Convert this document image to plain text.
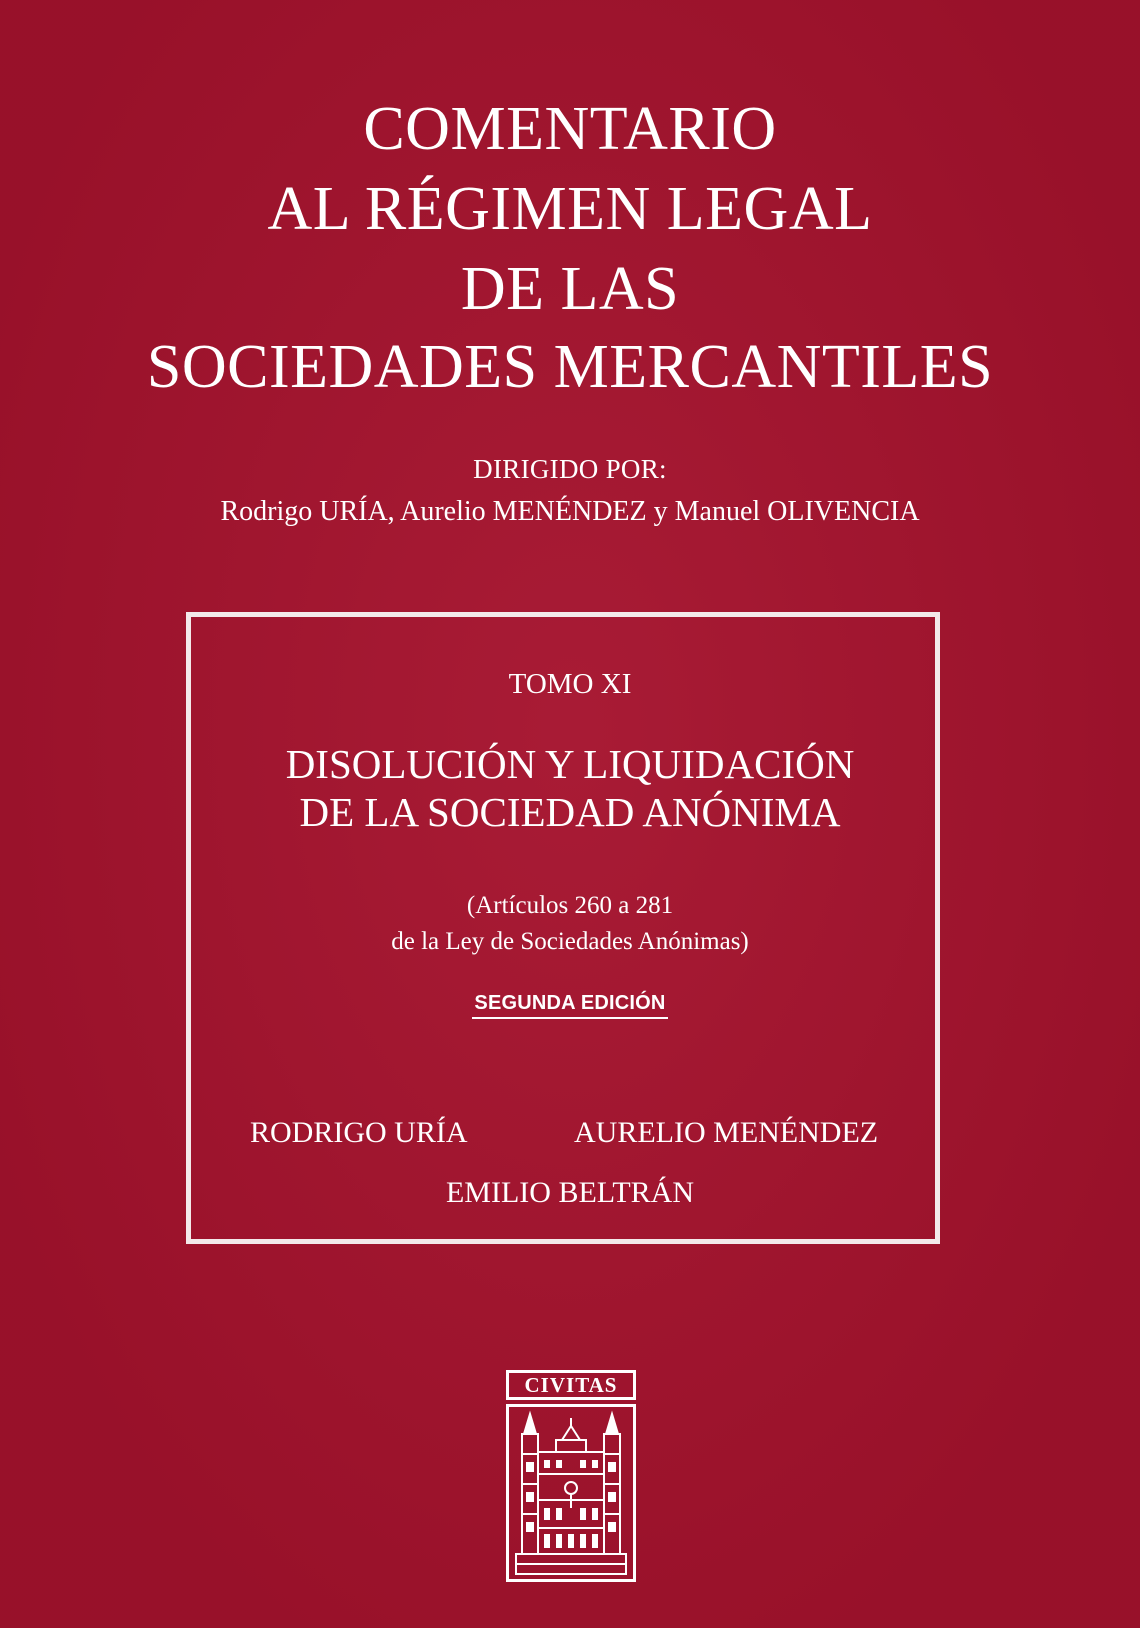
COMENTARIO
AL RÉGIMEN LEGAL
DE LAS
SOCIEDADES MERCANTILES
DIRIGIDO POR:
Rodrigo URÍA, Aurelio MENÉNDEZ y Manuel OLIVENCIA
TOMO XI
DISOLUCIÓN Y LIQUIDACIÓN
DE LA SOCIEDAD ANÓNIMA
(Artículos 260 a 281
de la Ley de Sociedades Anónimas)
SEGUNDA EDICIÓN
RODRIGO URÍA	AURELIO MENÉNDEZ
EMILIO BELTRÁN
CIVITAS
